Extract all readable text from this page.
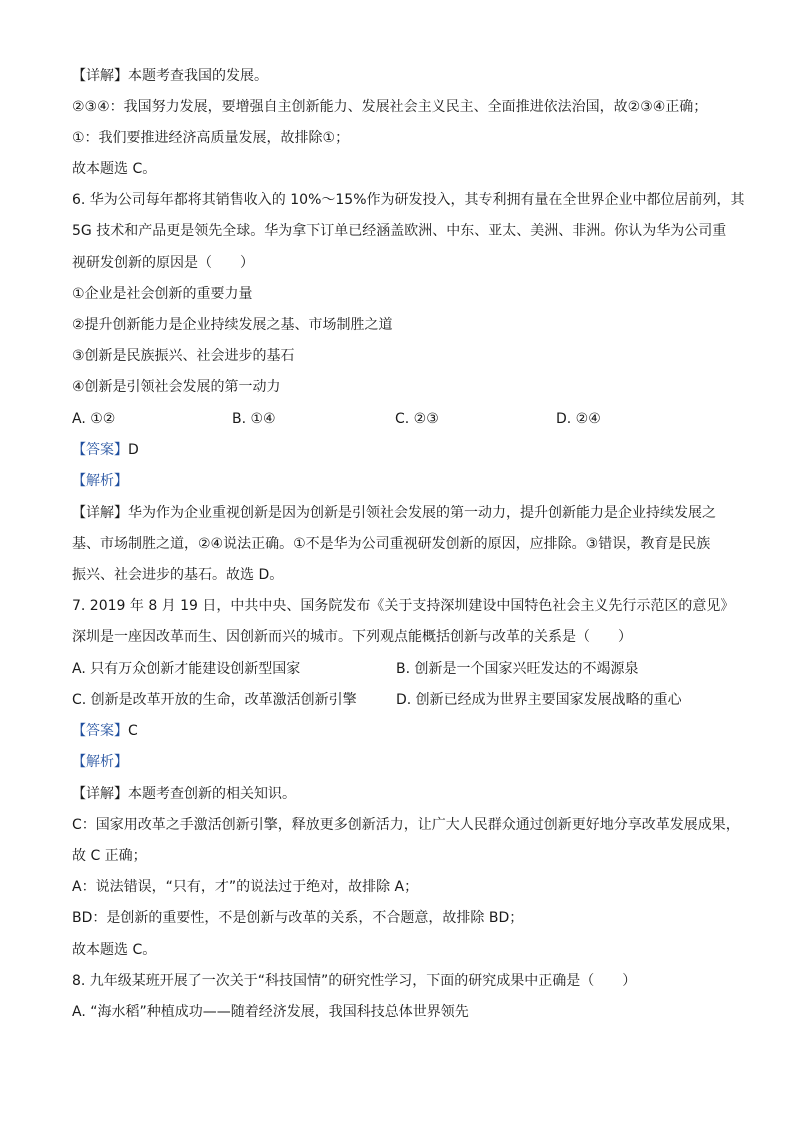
【详解】本题考查我国的发展。
②③④：我国努力发展，要增强自主创新能力、发展社会主义民主、全面推进依法治国，故②③④正确；
①：我们要推进经济高质量发展，故排除①；
故本题选 C。
6. 华为公司每年都将其销售收入的 10%～15%作为研发投入，其专利拥有量在全世界企业中都位居前列，其
5G 技术和产品更是领先全球。华为拿下订单已经涵盖欧洲、中东、亚太、美洲、非洲。你认为华为公司重
视研发创新的原因是（　　）
①企业是社会创新的重要力量
②提升创新能力是企业持续发展之基、市场制胜之道
③创新是民族振兴、社会进步的基石
④创新是引领社会发展的第一动力
A. ①②	B. ①④	C. ②③	D. ②④
【答案】D
【解析】
【详解】华为作为企业重视创新是因为创新是引领社会发展的第一动力，提升创新能力是企业持续发展之
基、市场制胜之道，②④说法正确。①不是华为公司重视研发创新的原因，应排除。③错误，教育是民族
振兴、社会进步的基石。故选 D。
7. 2019 年 8 月 19 日，中共中央、国务院发布《关于支持深圳建设中国特色社会主义先行示范区的意见》
深圳是一座因改革而生、因创新而兴的城市。下列观点能概括创新与改革的关系是（　　）
A. 只有万众创新才能建设创新型国家	B. 创新是一个国家兴旺发达的不竭源泉
C. 创新是改革开放的生命，改革激活创新引擎	D. 创新已经成为世界主要国家发展战略的重心
【答案】C
【解析】
【详解】本题考查创新的相关知识。
C：国家用改革之手激活创新引擎，释放更多创新活力，让广大人民群众通过创新更好地分享改革发展成果，
故 C 正确；
A：说法错误，“只有，才”的说法过于绝对，故排除 A；
BD：是创新的重要性，不是创新与改革的关系，不合题意，故排除 BD；
故本题选 C。
8. 九年级某班开展了一次关于“科技国情”的研究性学习，下面的研究成果中正确是（　　）
A. “海水稻”种植成功——随着经济发展，我国科技总体世界领先
